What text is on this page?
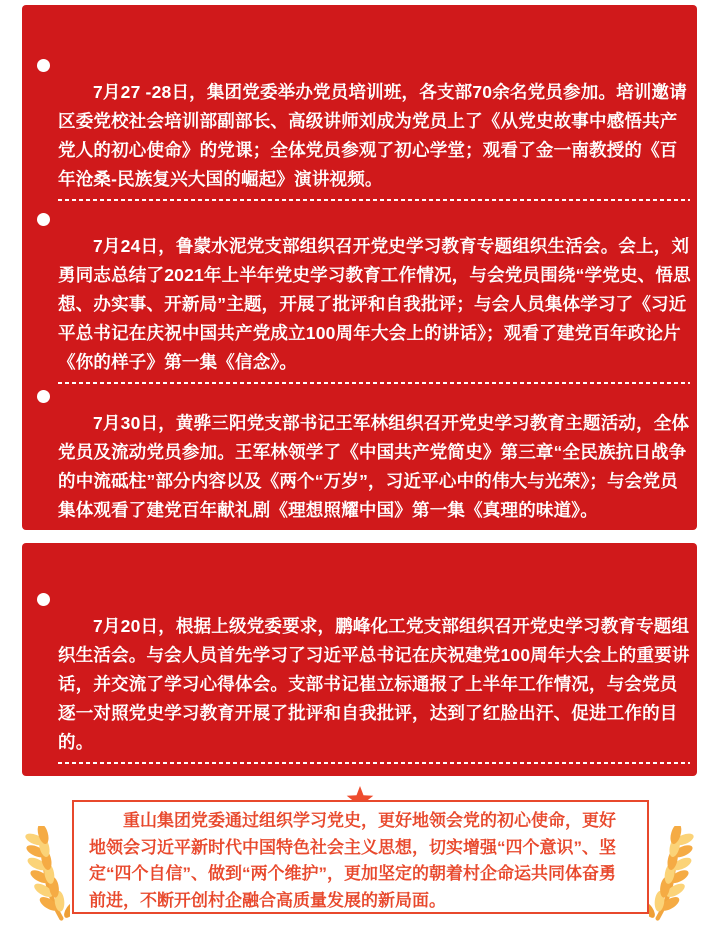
7月27 -28日，集团党委举办党员培训班，各支部70余名党员参加。培训邀请区委党校社会培训部副部长、高级讲师刘成为党员上了《从党史故事中感悟共产党人的初心使命》的党课；全体党员参观了初心学堂；观看了金一南教授的《百年沧桑-民族复兴大国的崛起》演讲视频。

7月24日，鲁蒙水泥党支部组织召开党史学习教育专题组织生活会。会上，刘勇同志总结了2021年上半年党史学习教育工作情况，与会党员围绕“学党史、悟思想、办实事、开新局”主题，开展了批评和自我批评；与会人员集体学习了《习近平总书记在庆祝中国共产党成立100周年大会上的讲话》；观看了建党百年政论片《你的样子》第一集《信念》。

7月30日，黄骅三阳党支部书记王军林组织召开党史学习教育主题活动，全体党员及流动党员参加。王军林领学了《中国共产党简史》第三章“全民族抗日战争的中流砥柱”部分内容以及《两个“万岁”，习近平心中的伟大与光荣》；与会党员集体观看了建党百年献礼剧《理想照耀中国》第一集《真理的味道》。

7月20日，根据上级党委要求，鹏峰化工党支部组织召开党史学习教育专题组织生活会。与会人员首先学习了习近平总书记在庆祝建党100周年大会上的重要讲话，并交流了学习心得体会。支部书记崔立标通报了上半年工作情况，与会党员逐一对照党史学习教育开展了批评和自我批评，达到了红脸出汗、促进工作的目的。

重山集团党委通过组织学习党史，更好地领会党的初心使命，更好地领会习近平新时代中国特色社会主义思想，切实增强“四个意识”、坚定“四个自信”、做到“两个维护”，更加坚定的朝着村企命运共同体奋勇前进，不断开创村企融合高质量发展的新局面。
